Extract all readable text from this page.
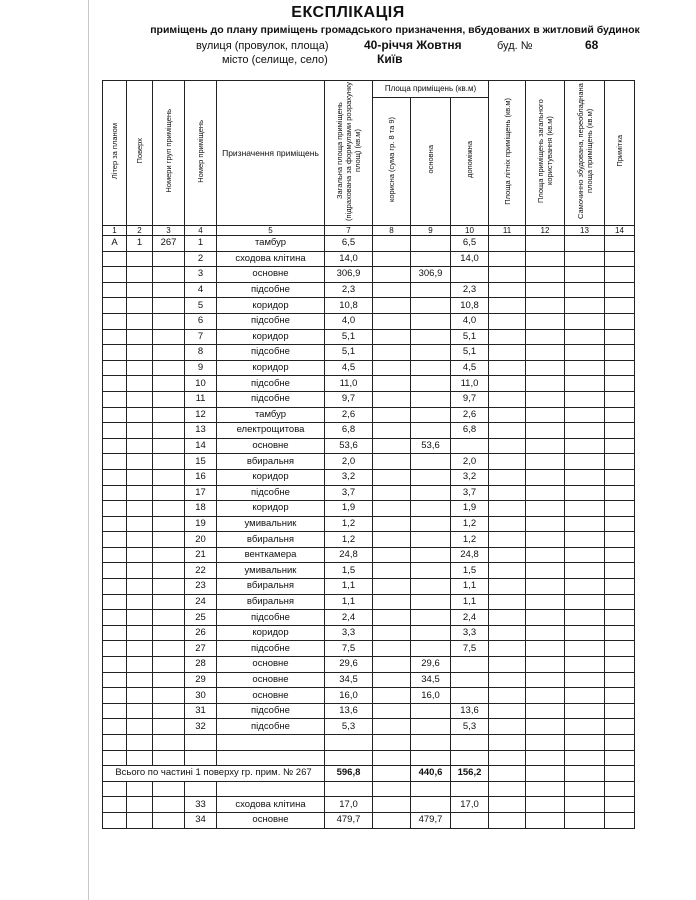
ЕКСПЛІКАЦІЯ
приміщень до плану приміщень громадського призначення, вбудованих в житловий будинок
вулиця (провулок, площа)	40-річчя Жовтня	буд. №	68
місто (селище, село)	Київ
Літер за планом	Поверх	Номери груп приміщень	Номер приміщень	Призначення приміщень	Загальна площа приміщень (підрахована за формулами розрахунку площ) (кв.м)	Площа приміщень (кв.м)			Площа літніх приміщень (кв.м)	Площа приміщень загального користування (кв.м)	Самочинно збудована, переобладнана площа приміщень (кв.м)	Примітка
						корисна (сума гр. 8 та 9)	основна	допоміжна				
1	2	3	4	5	7	8	9	10	11	12	13	14
А	1	267	1	тамбур	6,5			6,5				
			2	сходова клітина	14,0			14,0				
			3	основне	306,9		306,9					
			4	підсобне	2,3			2,3				
			5	коридор	10,8			10,8				
			6	підсобне	4,0			4,0				
			7	коридор	5,1			5,1				
			8	підсобне	5,1			5,1				
			9	коридор	4,5			4,5				
			10	підсобне	11,0			11,0				
			11	підсобне	9,7			9,7				
			12	тамбур	2,6			2,6				
			13	електрощитова	6,8			6,8				
			14	основне	53,6		53,6					
			15	вбиральня	2,0			2,0				
			16	коридор	3,2			3,2				
			17	підсобне	3,7			3,7				
			18	коридор	1,9			1,9				
			19	умивальник	1,2			1,2				
			20	вбиральня	1,2			1,2				
			21	венткамера	24,8			24,8				
			22	умивальник	1,5			1,5				
			23	вбиральня	1,1			1,1				
			24	вбиральня	1,1			1,1				
			25	підсобне	2,4			2,4				
			26	коридор	3,3			3,3				
			27	підсобне	7,5			7,5				
			28	основне	29,6		29,6					
			29	основне	34,5		34,5					
			30	основне	16,0		16,0					
			31	підсобне	13,6			13,6				
			32	підсобне	5,3			5,3				

Всього по частині 1 поверху гр. прим. № 267					596,8		440,6	156,2				

			33	сходова клітина	17,0			17,0				
			34	основне	479,7		479,7					
